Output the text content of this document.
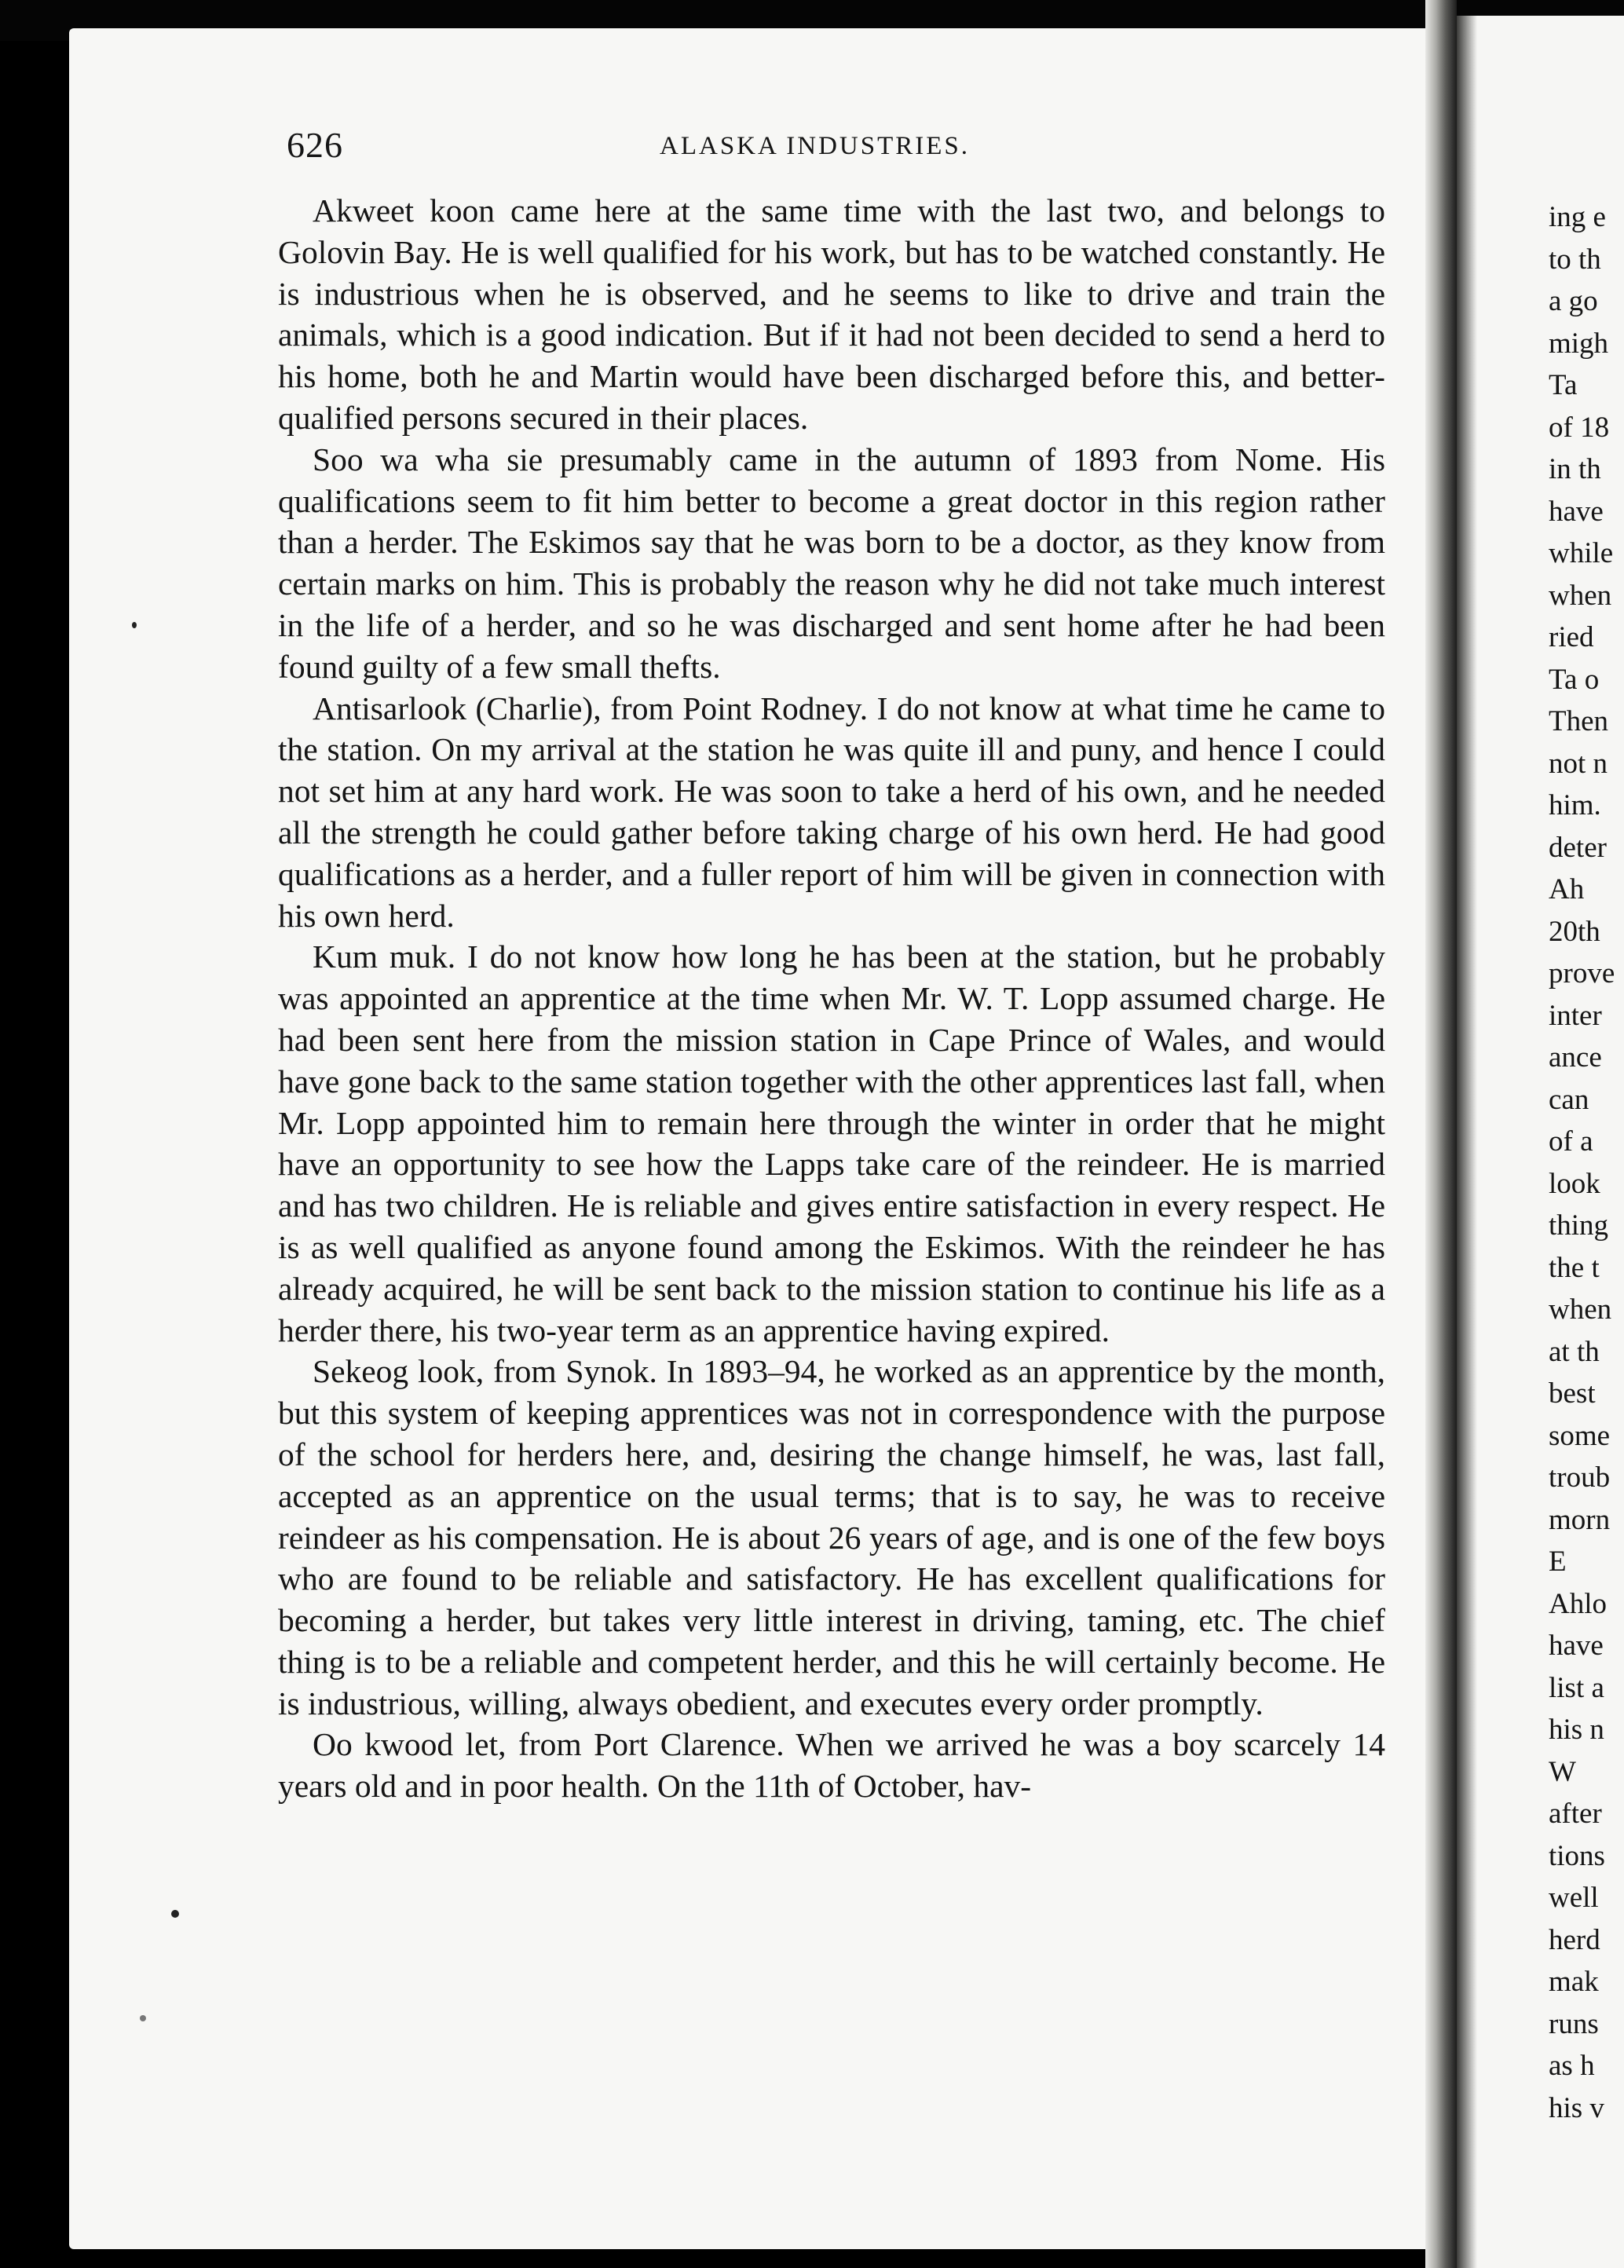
626	ALASKA INDUSTRIES.

Akweet koon came here at the same time with the last two, and belongs to Golovin Bay. He is well qualified for his work, but has to be watched constantly. He is industrious when he is observed, and he seems to like to drive and train the animals, which is a good indication. But if it had not been decided to send a herd to his home, both he and Martin would have been discharged before this, and better-qualified persons secured in their places.

Soo wa wha sie presumably came in the autumn of 1893 from Nome. His qualifications seem to fit him better to become a great doctor in this region rather than a herder. The Eskimos say that he was born to be a doctor, as they know from certain marks on him. This is probably the reason why he did not take much interest in the life of a herder, and so he was discharged and sent home after he had been found guilty of a few small thefts.

Antisarlook (Charlie), from Point Rodney. I do not know at what time he came to the station. On my arrival at the station he was quite ill and puny, and hence I could not set him at any hard work. He was soon to take a herd of his own, and he needed all the strength he could gather before taking charge of his own herd. He had good qualifications as a herder, and a fuller report of him will be given in connection with his own herd.

Kum muk. I do not know how long he has been at the station, but he probably was appointed an apprentice at the time when Mr. W. T. Lopp assumed charge. He had been sent here from the mission station in Cape Prince of Wales, and would have gone back to the same station together with the other apprentices last fall, when Mr. Lopp appointed him to remain here through the winter in order that he might have an opportunity to see how the Lapps take care of the reindeer. He is married and has two children. He is reliable and gives entire satisfaction in every respect. He is as well qualified as anyone found among the Eskimos. With the reindeer he has already acquired, he will be sent back to the mission station to continue his life as a herder there, his two-year term as an apprentice having expired.

Sekeog look, from Synok. In 1893–94, he worked as an apprentice by the month, but this system of keeping apprentices was not in correspondence with the purpose of the school for herders here, and, desiring the change himself, he was, last fall, accepted as an apprentice on the usual terms; that is to say, he was to receive reindeer as his compensation. He is about 26 years of age, and is one of the few boys who are found to be reliable and satisfactory. He has excellent qualifications for becoming a herder, but takes very little interest in driving, taming, etc. The chief thing is to be a reliable and competent herder, and this he will certainly become. He is industrious, willing, always obedient, and executes every order promptly.

Oo kwood let, from Port Clarence. When we arrived he was a boy scarcely 14 years old and in poor health. On the 11th of October, hav-

ing e
to th
a go
migh
Ta
of 18
in th
have
while
when
ried
Ta o
Then
not n
him.
deter
Ah
20th
prove
inter
ance
can
of a
look
thing
the t
when
at th
best
some
troub
morn
E
Ahlo
have
list a
his n
W
after
tions
well
herd
mak
runs
as h
his v
